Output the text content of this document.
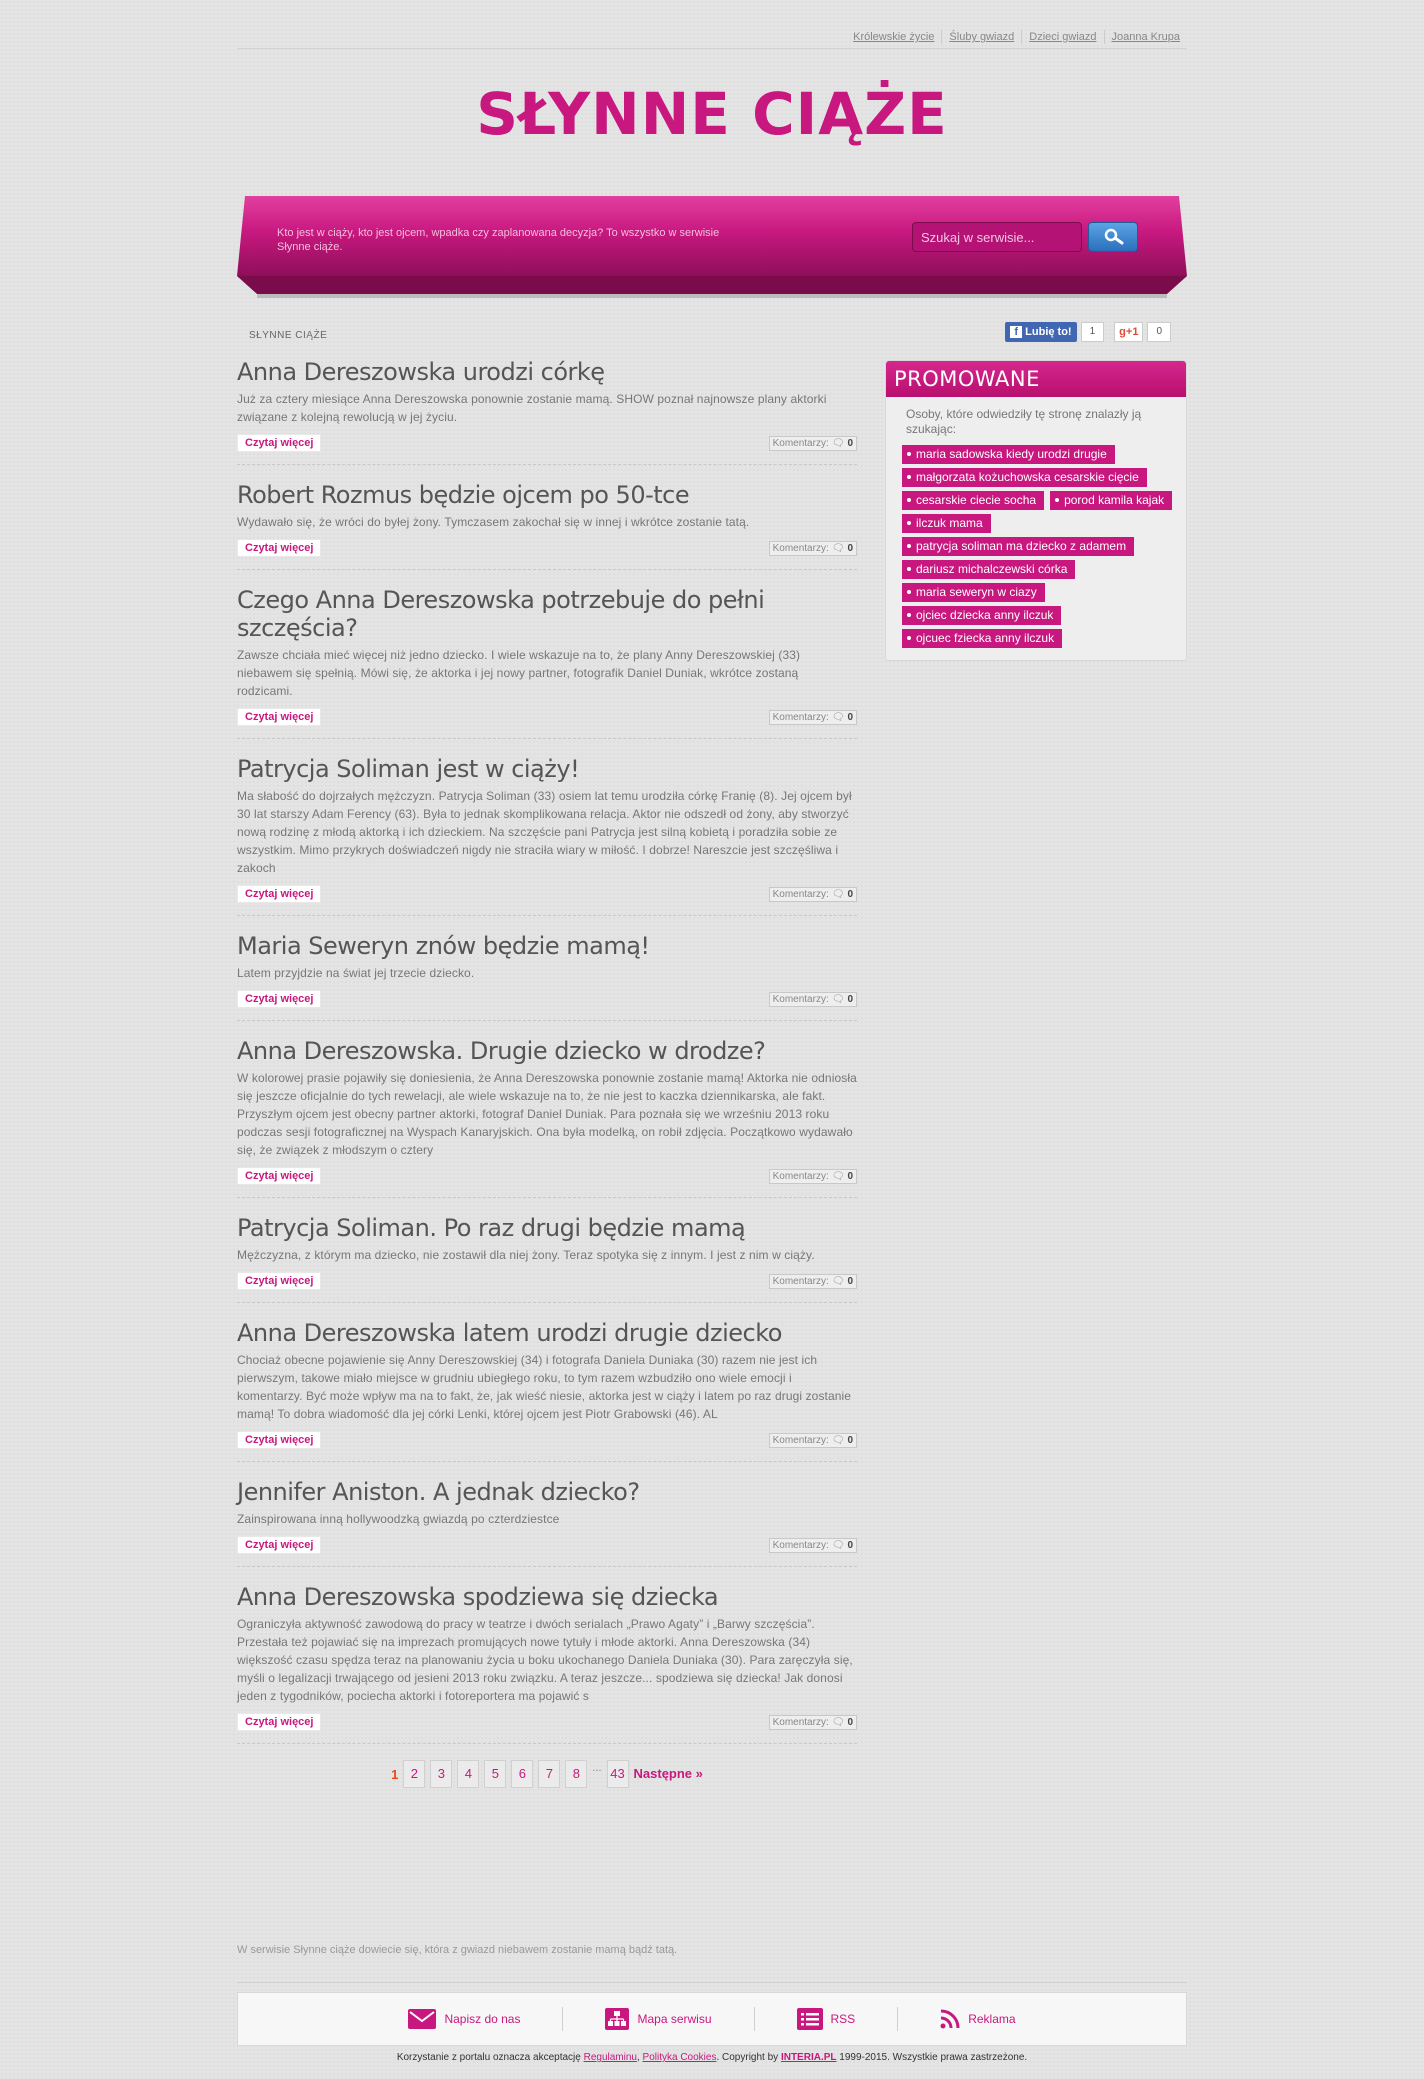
Królewskie życie	Śluby gwiazd	Dzieci gwiazd	Joanna Krupa
SŁYNNE CIĄŻE
Kto jest w ciąży, kto jest ojcem, wpadka czy zaplanowana decyzja? To wszystko w serwisie Słynne ciąże.
Szukaj w serwisie...
SŁYNNE CIĄŻE	f Lubię to!	1	g+1	0
Anna Dereszowska urodzi córkę

Już za cztery miesiące Anna Dereszowska ponownie zostanie mamą. SHOW poznał najnowsze plany aktorki związane z kolejną rewolucją w jej życiu.

Czytaj więcej	Komentarzy: 🗨 0
Robert Rozmus będzie ojcem po 50-tce

Wydawało się, że wróci do byłej żony. Tymczasem zakochał się w innej i wkrótce zostanie tatą.

Czytaj więcej	Komentarzy: 🗨 0
Czego Anna Dereszowska potrzebuje do pełni szczęścia?

Zawsze chciała mieć więcej niż jedno dziecko. I wiele wskazuje na to, że plany Anny Dereszowskiej (33) niebawem się spełnią. Mówi się, że aktorka i jej nowy partner, fotografik Daniel Duniak, wkrótce zostaną rodzicami.

Czytaj więcej	Komentarzy: 🗨 0
Patrycja Soliman jest w ciąży!

Ma słabość do dojrzałych mężczyzn. Patrycja Soliman (33) osiem lat temu urodziła córkę Franię (8). Jej ojcem był 30 lat starszy Adam Ferency (63). Była to jednak skomplikowana relacja. Aktor nie odszedł od żony, aby stworzyć nową rodzinę z młodą aktorką i ich dzieckiem. Na szczęście pani Patrycja jest silną kobietą i poradziła sobie ze wszystkim. Mimo przykrych doświadczeń nigdy nie straciła wiary w miłość. I dobrze! Nareszcie jest szczęśliwa i zakoch

Czytaj więcej	Komentarzy: 🗨 0
Maria Seweryn znów będzie mamą!

Latem przyjdzie na świat jej trzecie dziecko.

Czytaj więcej	Komentarzy: 🗨 0
Anna Dereszowska. Drugie dziecko w drodze?

W kolorowej prasie pojawiły się doniesienia, że Anna Dereszowska ponownie zostanie mamą! Aktorka nie odniosła się jeszcze oficjalnie do tych rewelacji, ale wiele wskazuje na to, że nie jest to kaczka dziennikarska, ale fakt. Przyszłym ojcem jest obecny partner aktorki, fotograf Daniel Duniak. Para poznała się we wrześniu 2013 roku podczas sesji fotograficznej na Wyspach Kanaryjskich. Ona była modelką, on robił zdjęcia. Początkowo wydawało się, że związek z młodszym o cztery

Czytaj więcej	Komentarzy: 🗨 0
Patrycja Soliman. Po raz drugi będzie mamą

Mężczyzna, z którym ma dziecko, nie zostawił dla niej żony. Teraz spotyka się z innym. I jest z nim w ciąży.

Czytaj więcej	Komentarzy: 🗨 0
Anna Dereszowska latem urodzi drugie dziecko

Chociaż obecne pojawienie się Anny Dereszowskiej (34) i fotografa Daniela Duniaka (30) razem nie jest ich pierwszym, takowe miało miejsce w grudniu ubiegłego roku, to tym razem wzbudziło ono wiele emocji i komentarzy. Być może wpływ ma na to fakt, że, jak wieść niesie, aktorka jest w ciąży i latem po raz drugi zostanie mamą! To dobra wiadomość dla jej córki Lenki, której ojcem jest Piotr Grabowski (46). AL

Czytaj więcej	Komentarzy: 🗨 0
Jennifer Aniston. A jednak dziecko?

Zainspirowana inną hollywoodzką gwiazdą po czterdziestce

Czytaj więcej	Komentarzy: 🗨 0
Anna Dereszowska spodziewa się dziecka

Ograniczyła aktywność zawodową do pracy w teatrze i dwóch serialach „Prawo Agaty” i „Barwy szczęścia”. Przestała też pojawiać się na imprezach promujących nowe tytuły i młode aktorki. Anna Dereszowska (34) większość czasu spędza teraz na planowaniu życia u boku ukochanego Daniela Duniaka (30). Para zaręczyła się, myśli o legalizacji trwającego od jesieni 2013 roku związku. A teraz jeszcze... spodziewa się dziecka! Jak donosi jeden z tygodników, pociecha aktorki i fotoreportera ma pojawić s

Czytaj więcej	Komentarzy: 🗨 0
1 2	3	4	5	6	7	8	... 43 Następne »
PROMOWANE
Osoby, które odwiedziły tę stronę znalazły ją szukając:
maria sadowska kiedy urodzi drugie
małgorzata kożuchowska cesarskie cięcie
cesarskie ciecie socha	porod kamila kajak
ilczuk mama
patrycja soliman ma dziecko z adamem
dariusz michalczewski córka
maria seweryn w ciazy
ojciec dziecka anny ilczuk
ojcuec fziecka anny ilczuk
W serwisie Słynne ciąże dowiecie się, która z gwiazd niebawem zostanie mamą bądź tatą.
Napisz do nas	Mapa serwisu	RSS	Reklama
Korzystanie z portalu oznacza akceptację Regulaminu, Polityka Cookies. Copyright by INTERIA.PL 1999-2015. Wszystkie prawa zastrzeżone.
